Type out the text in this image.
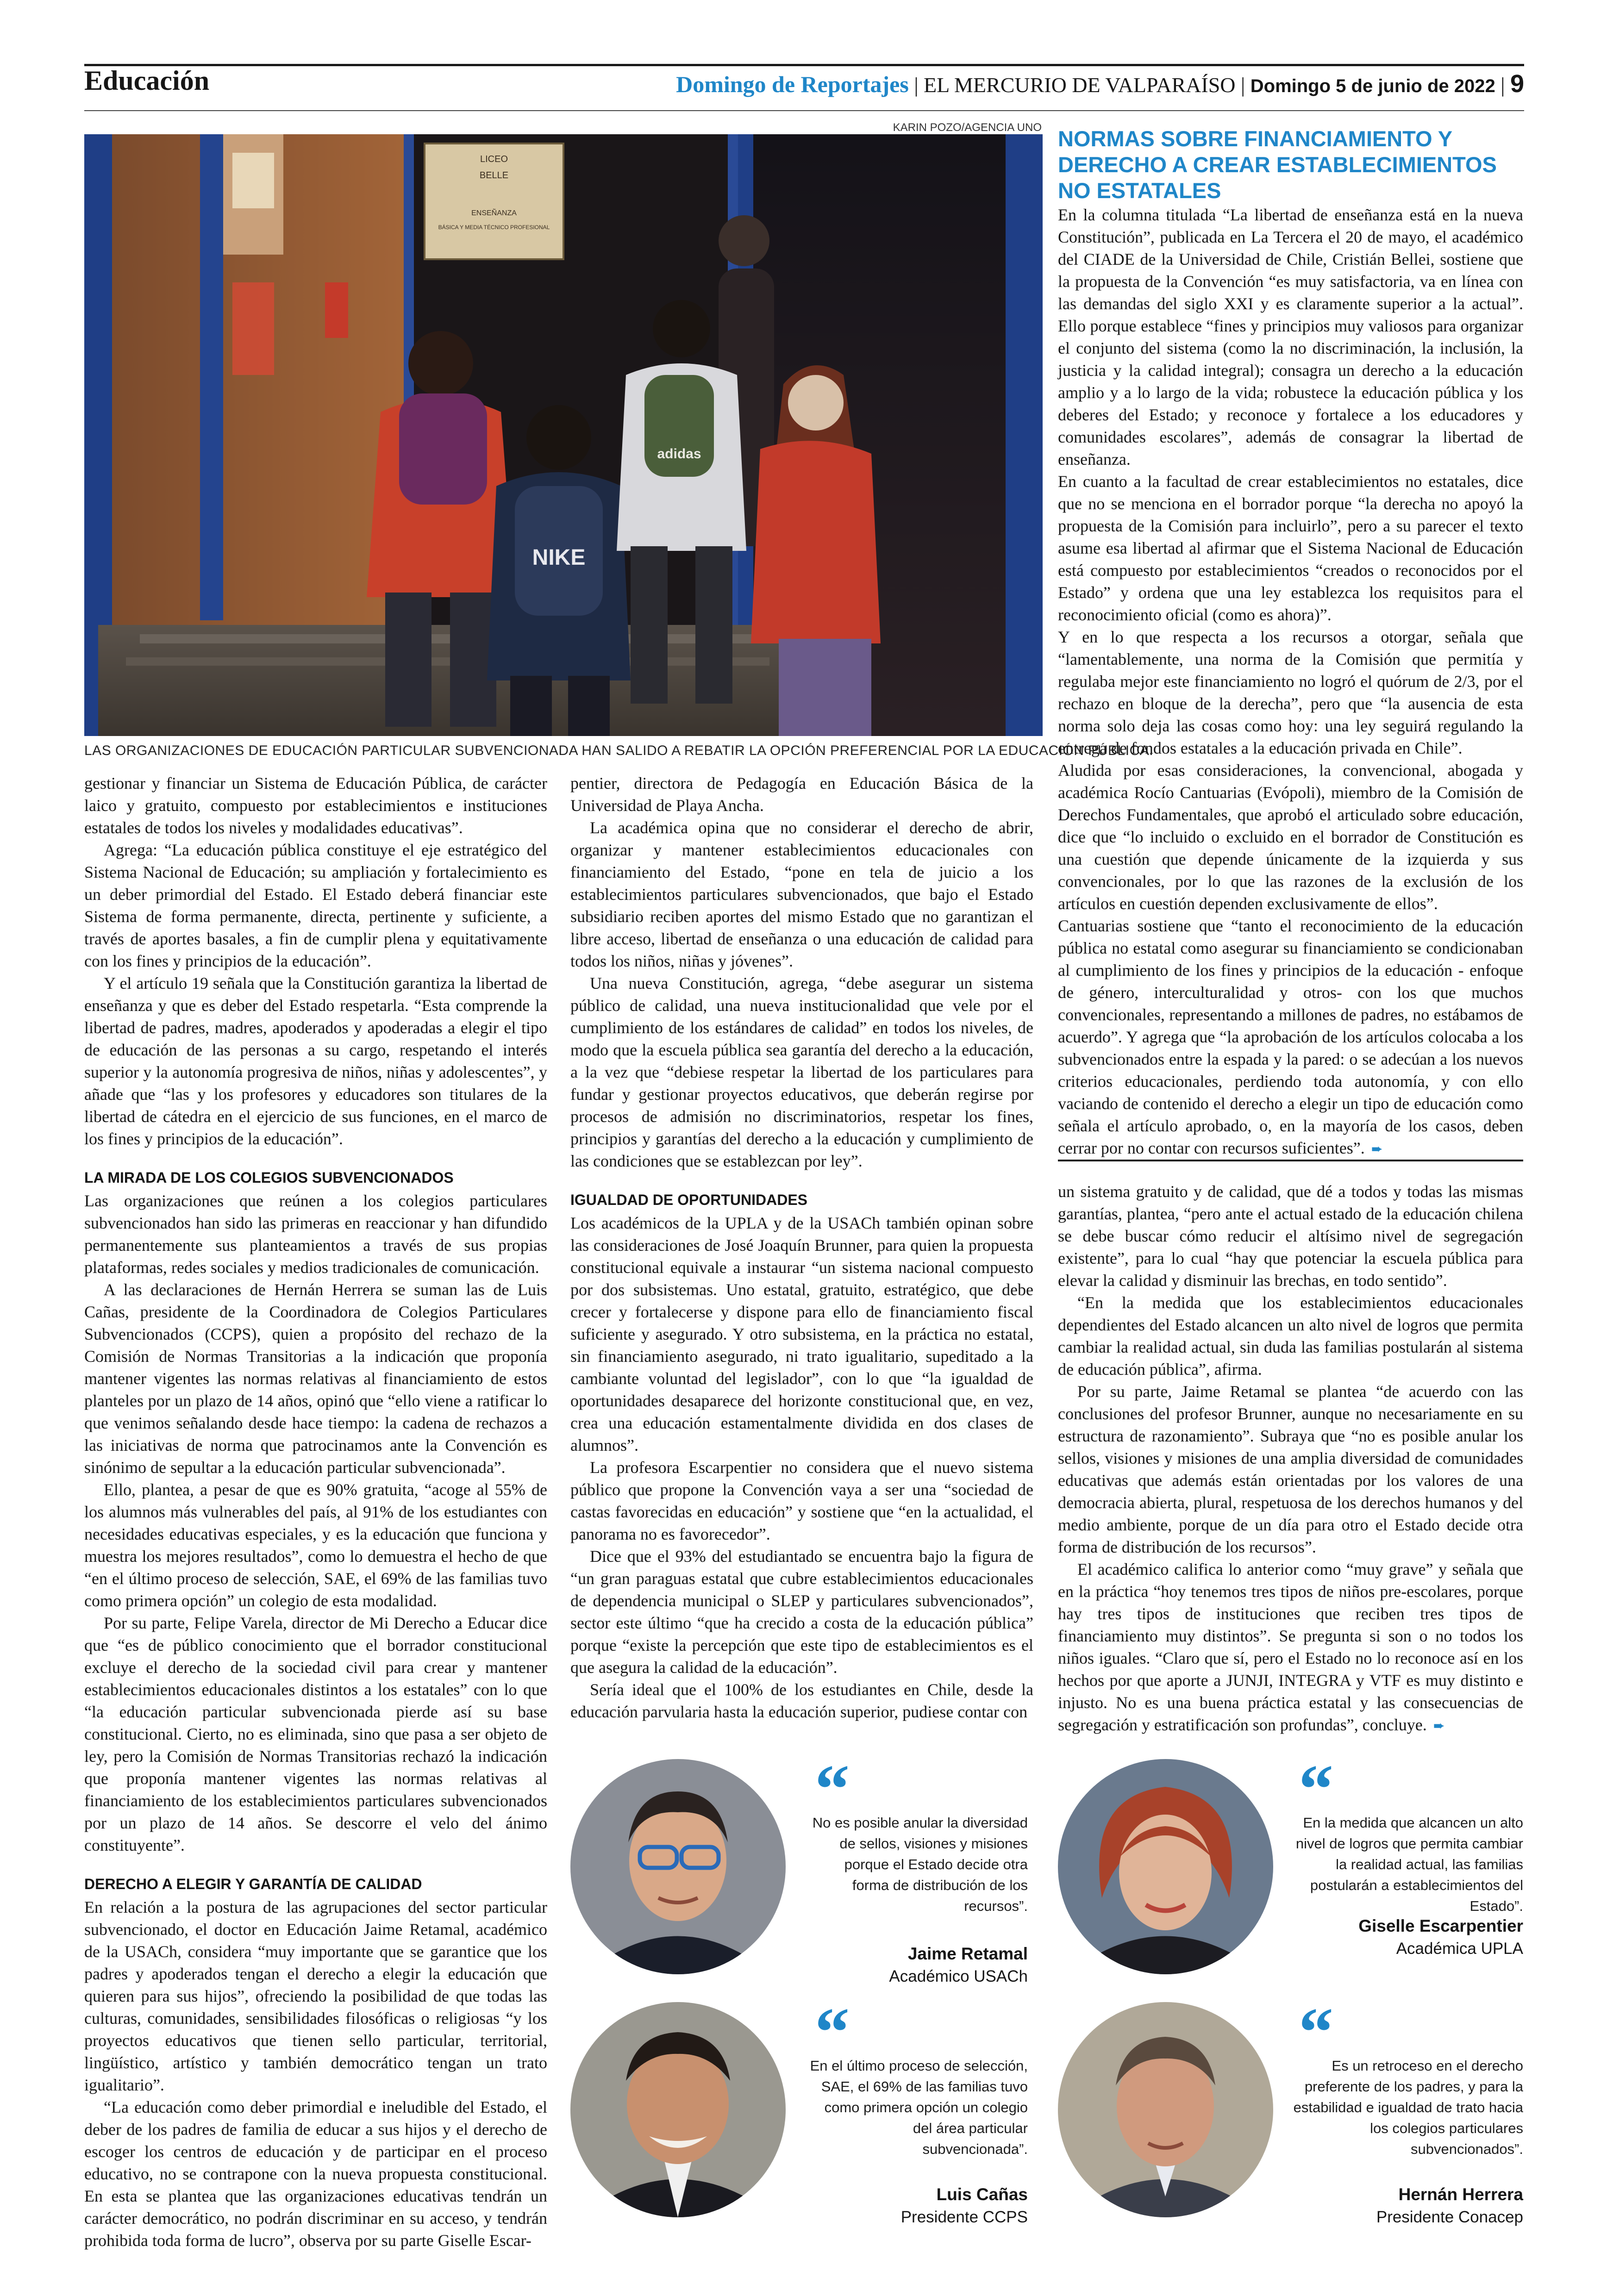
Educación	Domingo de Reportajes | EL MERCURIO DE VALPARAÍSO | Domingo 5 de junio de 2022 | 9
KARIN POZO/AGENCIA UNO
LICEO
BELLE
ENSEÑANZA
BÁSICA Y MEDIA TÉCNICO PROFESIONAL
NIKE
adidas
LAS ORGANIZACIONES DE EDUCACIÓN PARTICULAR SUBVENCIONADA HAN SALIDO A REBATIR LA OPCIÓN PREFERENCIAL POR LA EDUCACIÓN PÚBLICA.

gestionar y financiar un Sistema de Educación Pública, de carácter laico y gratuito, compuesto por establecimientos e instituciones estatales de todos los niveles y modalidades educativas”.

Agrega: “La educación pública constituye el eje estratégico del Sistema Nacional de Educación; su ampliación y fortalecimiento es un deber primordial del Estado. El Estado deberá financiar este Sistema de forma permanente, directa, pertinente y suficiente, a través de aportes basales, a fin de cumplir plena y equitativamente con los fines y principios de la educación”.

Y el artículo 19 señala que la Constitución garantiza la libertad de enseñanza y que es deber del Estado respetarla. “Esta comprende la libertad de padres, madres, apoderados y apoderadas a elegir el tipo de educación de las personas a su cargo, respetando el interés superior y la autonomía progresiva de niños, niñas y adolescentes”, y añade que “las y los profesores y educadores son titulares de la libertad de cátedra en el ejercicio de sus funciones, en el marco de los fines y principios de la educación”.

LA MIRADA DE LOS COLEGIOS SUBVENCIONADOS

Las organizaciones que reúnen a los colegios particulares subvencionados han sido las primeras en reaccionar y han difundido permanentemente sus planteamientos a través de sus propias plataformas, redes sociales y medios tradicionales de comunicación.

A las declaraciones de Hernán Herrera se suman las de Luis Cañas, presidente de la Coordinadora de Colegios Particulares Subvencionados (CCPS), quien a propósito del rechazo de la Comisión de Normas Transitorias a la indicación que proponía mantener vigentes las normas relativas al financiamiento de estos planteles por un plazo de 14 años, opinó que “ello viene a ratificar lo que venimos señalando desde hace tiempo: la cadena de rechazos a las iniciativas de norma que patrocinamos ante la Convención es sinónimo de sepultar a la educación particular subvencionada”.

Ello, plantea, a pesar de que es 90% gratuita, “acoge al 55% de los alumnos más vulnerables del país, al 91% de los estudiantes con necesidades educativas especiales, y es la educación que funciona y muestra los mejores resultados”, como lo demuestra el hecho de que “en el último proceso de selección, SAE, el 69% de las familias tuvo como primera opción” un colegio de esta modalidad.

Por su parte, Felipe Varela, director de Mi Derecho a Educar dice que “es de público conocimiento que el borrador constitucional excluye el derecho de la sociedad civil para crear y mantener establecimientos educacionales distintos a los estatales” con lo que “la educación particular subvencionada pierde así su base constitucional. Cierto, no es eliminada, sino que pasa a ser objeto de ley, pero la Comisión de Normas Transitorias rechazó la indicación que proponía mantener vigentes las normas relativas al financiamiento de los establecimientos particulares subvencionados por un plazo de 14 años. Se descorre el velo del ánimo constituyente”.

DERECHO A ELEGIR Y GARANTÍA DE CALIDAD

En relación a la postura de las agrupaciones del sector particular subvencionado, el doctor en Educación Jaime Retamal, académico de la USACh, considera “muy importante que se garantice que los padres y apoderados tengan el derecho a elegir la educación que quieren para sus hijos”, ofreciendo la posibilidad de que todas las culturas, comunidades, sensibilidades filosóficas o religiosas “y los proyectos educativos que tienen sello particular, territorial, lingüístico, artístico y también democrático tengan un trato igualitario”.

“La educación como deber primordial e ineludible del Estado, el deber de los padres de familia de educar a sus hijos y el derecho de escoger los centros de educación y de participar en el proceso educativo, no se contrapone con la nueva propuesta constitucional. En esta se plantea que las organizaciones educativas tendrán un carácter democrático, no podrán discriminar en su acceso, y tendrán prohibida toda forma de lucro”, observa por su parte Giselle Escar-

pentier, directora de Pedagogía en Educación Básica de la Universidad de Playa Ancha.

La académica opina que no considerar el derecho de abrir, organizar y mantener establecimientos educacionales con financiamiento del Estado, “pone en tela de juicio a los establecimientos particulares subvencionados, que bajo el Estado subsidiario reciben aportes del mismo Estado que no garantizan el libre acceso, libertad de enseñanza o una educación de calidad para todos los niños, niñas y jóvenes”.

Una nueva Constitución, agrega, “debe asegurar un sistema público de calidad, una nueva institucionalidad que vele por el cumplimiento de los estándares de calidad” en todos los niveles, de modo que la escuela pública sea garantía del derecho a la educación, a la vez que “debiese respetar la libertad de los particulares para fundar y gestionar proyectos educativos, que deberán regirse por procesos de admisión no discriminatorios, respetar los fines, principios y garantías del derecho a la educación y cumplimiento de las condiciones que se establezcan por ley”.

IGUALDAD DE OPORTUNIDADES

Los académicos de la UPLA y de la USACh también opinan sobre las consideraciones de José Joaquín Brunner, para quien la propuesta constitucional equivale a instaurar “un sistema nacional compuesto por dos subsistemas. Uno estatal, gratuito, estratégico, que debe crecer y fortalecerse y dispone para ello de financiamiento fiscal suficiente y asegurado. Y otro subsistema, en la práctica no estatal, sin financiamiento asegurado, ni trato igualitario, supeditado a la cambiante voluntad del legislador”, con lo que “la igualdad de oportunidades desaparece del horizonte constitucional que, en vez, crea una educación estamentalmente dividida en dos clases de alumnos”.

La profesora Escarpentier no considera que el nuevo sistema público que propone la Convención vaya a ser una “sociedad de castas favorecidas en educación” y sostiene que “en la actualidad, el panorama no es favorecedor”.

Dice que el 93% del estudiantado se encuentra bajo la figura de “un gran paraguas estatal que cubre establecimientos educacionales de dependencia municipal o SLEP y particulares subvencionados”, sector este último “que ha crecido a costa de la educación pública” porque “existe la percepción que este tipo de establecimientos es el que asegura la calidad de la educación”.

Sería ideal que el 100% de los estudiantes en Chile, desde la educación parvularia hasta la educación superior, pudiese contar con

NORMAS SOBRE FINANCIAMIENTO Y DERECHO A CREAR ESTABLECIMIENTOS NO ESTATALES

En la columna titulada “La libertad de enseñanza está en la nueva Constitución”, publicada en La Tercera el 20 de mayo, el académico del CIADE de la Universidad de Chile, Cristián Bellei, sostiene que la propuesta de la Convención “es muy satisfactoria, va en línea con las demandas del siglo XXI y es claramente superior a la actual”. Ello porque establece “fines y principios muy valiosos para organizar el conjunto del sistema (como la no discriminación, la inclusión, la justicia y la calidad integral); consagra un derecho a la educación amplio y a lo largo de la vida; robustece la educación pública y los deberes del Estado; y reconoce y fortalece a los educadores y comunidades escolares”, además de consagrar la libertad de enseñanza.

En cuanto a la facultad de crear establecimientos no estatales, dice que no se menciona en el borrador porque “la derecha no apoyó la propuesta de la Comisión para incluirlo”, pero a su parecer el texto asume esa libertad al afirmar que el Sistema Nacional de Educación está compuesto por establecimientos “creados o reconocidos por el Estado” y ordena que una ley establezca los requisitos para el reconocimiento oficial (como es ahora)”.

Y en lo que respecta a los recursos a otorgar, señala que “lamentablemente, una norma de la Comisión que permitía y regulaba mejor este financiamiento no logró el quórum de 2/3, por el rechazo en bloque de la derecha”, pero que “la ausencia de esta norma solo deja las cosas como hoy: una ley seguirá regulando la entrega de fondos estatales a la educación privada en Chile”.

Aludida por esas consideraciones, la convencional, abogada y académica Rocío Cantuarias (Evópoli), miembro de la Comisión de Derechos Fundamentales, que aprobó el articulado sobre educación, dice que “lo incluido o excluido en el borrador de Constitución es una cuestión que depende únicamente de la izquierda y sus convencionales, por lo que las razones de la exclusión de los artículos en cuestión dependen exclusivamente de ellos”.

Cantuarias sostiene que “tanto el reconocimiento de la educación pública no estatal como asegurar su financiamiento se condicionaban al cumplimiento de los fines y principios de la educación - enfoque de género, interculturalidad y otros- con los que muchos convencionales, representando a millones de padres, no estábamos de acuerdo”. Y agrega que “la aprobación de los artículos colocaba a los subvencionados entre la espada y la pared: o se adecúan a los nuevos criterios educacionales, perdiendo toda autonomía, y con ello vaciando de contenido el derecho a elegir un tipo de educación como señala el artículo aprobado, o, en la mayoría de los casos, deben cerrar por no contar con recursos suficientes”. ➨

un sistema gratuito y de calidad, que dé a todos y todas las mismas garantías, plantea, “pero ante el actual estado de la educación chilena se debe buscar cómo reducir el altísimo nivel de segregación existente”, para lo cual “hay que potenciar la escuela pública para elevar la calidad y disminuir las brechas, en todo sentido”.

“En la medida que los establecimientos educacionales dependientes del Estado alcancen un alto nivel de logros que permita cambiar la realidad actual, sin duda las familias postularán al sistema de educación pública”, afirma.

Por su parte, Jaime Retamal se plantea “de acuerdo con las conclusiones del profesor Brunner, aunque no necesariamente en su estructura de razonamiento”. Subraya que “no es posible anular los sellos, visiones y misiones de una amplia diversidad de comunidades educativas que además están orientadas por los valores de una democracia abierta, plural, respetuosa de los derechos humanos y del medio ambiente, porque de un día para otro el Estado decide otra forma de distribución de los recursos”.

El académico califica lo anterior como “muy grave” y señala que en la práctica “hoy tenemos tres tipos de niños pre-escolares, porque hay tres tipos de instituciones que reciben tres tipos de financiamiento muy distintos”. Se pregunta si son o no todos los niños iguales. “Claro que sí, pero el Estado no lo reconoce así en los hechos por que aporte a JUNJI, INTEGRA y VTF es muy distinto e injusto. No es una buena práctica estatal y las consecuencias de segregación y estratificación son profundas”, concluye. ➨

“
No es posible anular la diversidad de sellos, visiones y misiones porque el Estado decide otra forma de distribución de los recursos”.
Jaime Retamal
Académico USACh
“
En la medida que alcancen un alto nivel de logros que permita cambiar la realidad actual, las familias postularán a establecimientos del Estado”.
Giselle Escarpentier
Académica UPLA
“
En el último proceso de selección, SAE, el 69% de las familias tuvo como primera opción un colegio del área particular subvencionada”.
Luis Cañas
Presidente CCPS
“
Es un retroceso en el derecho preferente de los padres, y para la estabilidad e igualdad de trato hacia los colegios particulares subvencionados”.
Hernán Herrera
Presidente Conacep
